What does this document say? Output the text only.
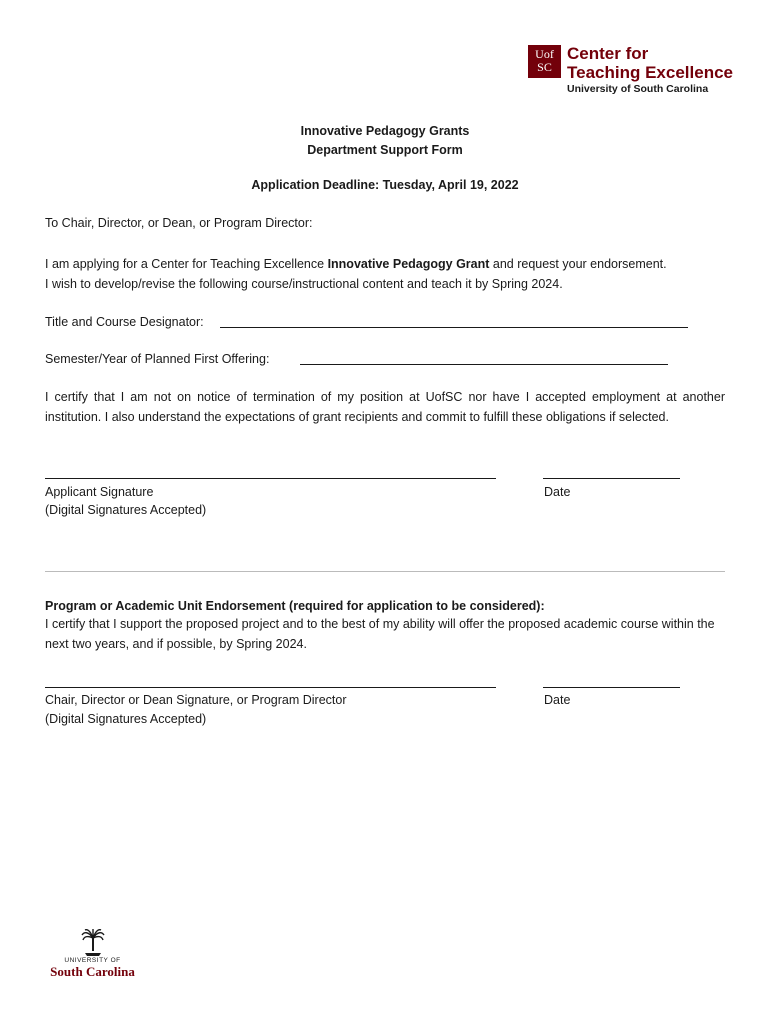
Uof
SC
Center for
Teaching Excellence
University of South Carolina
Innovative Pedagogy Grants
Department Support Form
Application Deadline: Tuesday, April 19, 2022
To Chair, Director, or Dean, or Program Director:
I am applying for a Center for Teaching Excellence Innovative Pedagogy Grant and request your endorsement.
I wish to develop/revise the following course/instructional content and teach it by Spring 2024.
Title and Course Designator:
Semester/Year of Planned First Offering:
I certify that I am not on notice of termination of my position at UofSC nor have I accepted employment at another institution. I also understand the expectations of grant recipients and commit to fulfill these obligations if selected.
Applicant Signature
(Digital Signatures Accepted)
Date
Program or Academic Unit Endorsement (required for application to be considered):
I certify that I support the proposed project and to the best of my ability will offer the proposed academic course within the next two years, and if possible, by Spring 2024.
Chair, Director or Dean Signature, or Program Director
(Digital Signatures Accepted)
Date
UNIVERSITY OF
South Carolina
